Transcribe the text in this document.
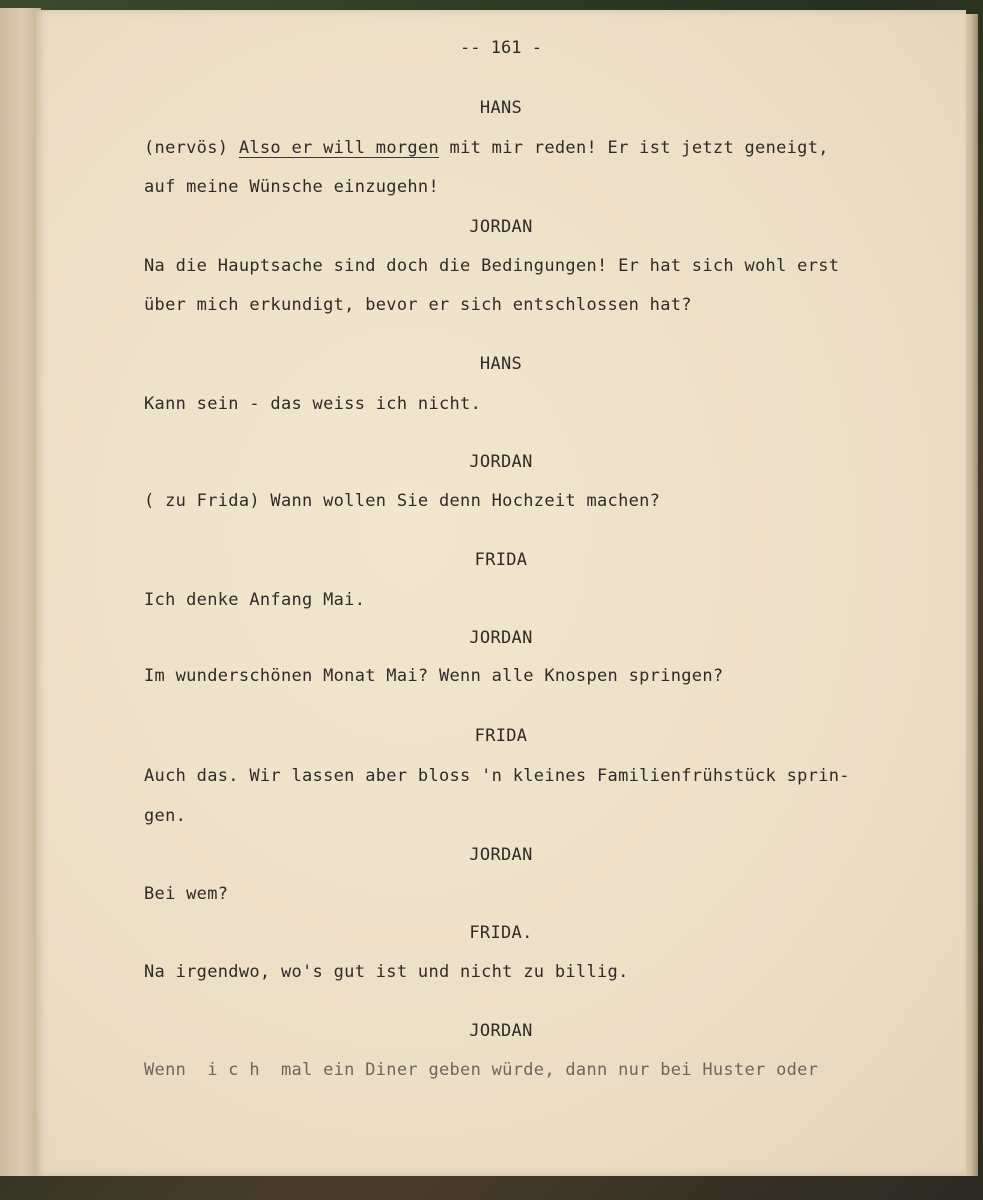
-- 161 -
HANS
(nervös) Also er will morgen mit mir reden! Er ist jetzt geneigt,
auf meine Wünsche einzugehn!
JORDAN
Na die Hauptsache sind doch die Bedingungen! Er hat sich wohl erst
über mich erkundigt, bevor er sich entschlossen hat?
HANS
Kann sein - das weiss ich nicht.
JORDAN
( zu Frida) Wann wollen Sie denn Hochzeit machen?
FRIDA
Ich denke Anfang Mai.
JORDAN
Im wunderschönen Monat Mai? Wenn alle Knospen springen?
FRIDA
Auch das. Wir lassen aber bloss 'n kleines Familienfrühstück sprin-
gen.
JORDAN
Bei wem?
FRIDA.
Na irgendwo, wo's gut ist und nicht zu billig.
JORDAN
Wenn  i c h  mal ein Diner geben würde, dann nur bei Huster oder
